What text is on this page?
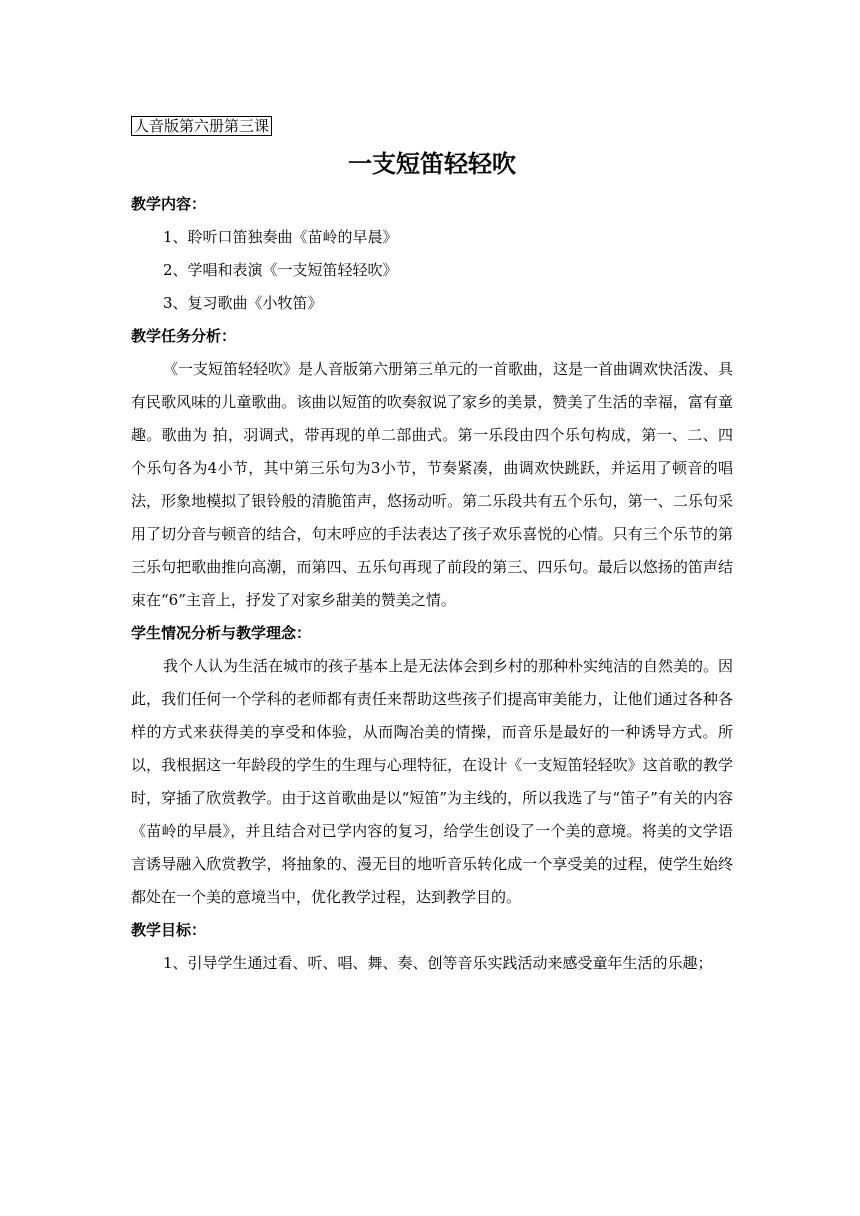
人音版第六册第三课
一支短笛轻轻吹

教学内容：

1、聆听口笛独奏曲《苗岭的早晨》

2、学唱和表演《一支短笛轻轻吹》

3、复习歌曲《小牧笛》

教学任务分析：

《一支短笛轻轻吹》是人音版第六册第三单元的一首歌曲，这是一首曲调欢快活泼、具有民歌风味的儿童歌曲。该曲以短笛的吹奏叙说了家乡的美景，赞美了生活的幸福，富有童趣。歌曲为 拍，羽调式，带再现的单二部曲式。第一乐段由四个乐句构成，第一、二、四个乐句各为4小节，其中第三乐句为3小节，节奏紧凑，曲调欢快跳跃，并运用了顿音的唱法，形象地模拟了银铃般的清脆笛声，悠扬动听。第二乐段共有五个乐句，第一、二乐句采用了切分音与顿音的结合，句末呼应的手法表达了孩子欢乐喜悦的心情。只有三个乐节的第三乐句把歌曲推向高潮，而第四、五乐句再现了前段的第三、四乐句。最后以悠扬的笛声结束在“6”主音上，抒发了对家乡甜美的赞美之情。

学生情况分析与教学理念：

我个人认为生活在城市的孩子基本上是无法体会到乡村的那种朴实纯洁的自然美的。因此，我们任何一个学科的老师都有责任来帮助这些孩子们提高审美能力，让他们通过各种各样的方式来获得美的享受和体验，从而陶冶美的情操，而音乐是最好的一种诱导方式。所以，我根据这一年龄段的学生的生理与心理特征，在设计《一支短笛轻轻吹》这首歌的教学时，穿插了欣赏教学。由于这首歌曲是以“短笛”为主线的，所以我选了与“笛子”有关的内容《苗岭的早晨》，并且结合对已学内容的复习，给学生创设了一个美的意境。将美的文学语言诱导融入欣赏教学，将抽象的、漫无目的地听音乐转化成一个享受美的过程，使学生始终都处在一个美的意境当中，优化教学过程，达到教学目的。

教学目标：

1、引导学生通过看、听、唱、舞、奏、创等音乐实践活动来感受童年生活的乐趣；
